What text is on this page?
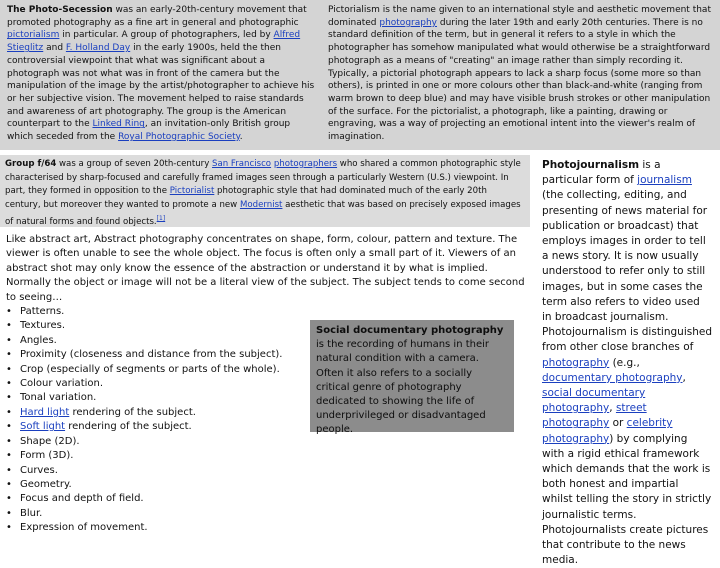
The Photo-Secession was an early-20th-century movement that promoted photography as a fine art in general and photographic pictorialism in particular. A group of photographers, led by Alfred Stieglitz and F. Holland Day in the early 1900s, held the then controversial viewpoint that what was significant about a photograph was not what was in front of the camera but the manipulation of the image by the artist/photographer to achieve his or her subjective vision. The movement helped to raise standards and awareness of art photography. The group is the American counterpart to the Linked Ring, an invitation-only British group which seceded from the Royal Photographic Society.
Pictorialism is the name given to an international style and aesthetic movement that dominated photography during the later 19th and early 20th centuries. There is no standard definition of the term, but in general it refers to a style in which the photographer has somehow manipulated what would otherwise be a straightforward photograph as a means of "creating" an image rather than simply recording it. Typically, a pictorial photograph appears to lack a sharp focus (some more so than others), is printed in one or more colours other than black-and-white (ranging from warm brown to deep blue) and may have visible brush strokes or other manipulation of the surface. For the pictorialist, a photograph, like a painting, drawing or engraving, was a way of projecting an emotional intent into the viewer's realm of imagination.
Group f/64 was a group of seven 20th-century San Francisco photographers who shared a common photographic style characterised by sharp-focused and carefully framed images seen through a particularly Western (U.S.) viewpoint. In part, they formed in opposition to the Pictorialist photographic style that had dominated much of the early 20th century, but moreover they wanted to promote a new Modernist aesthetic that was based on precisely exposed images of natural forms and found objects.[1]
Like abstract art, Abstract photography concentrates on shape, form, colour, pattern and texture. The viewer is often unable to see the whole object. The focus is often only a small part of it. Viewers of an abstract shot may only know the essence of the abstraction or understand it by what is implied. Normally the object or image will not be a literal view of the subject. The subject tends to come second to seeing…
• Patterns.
• Textures.
• Angles.
• Proximity (closeness and distance from the subject).
• Crop (especially of segments or parts of the whole).
• Colour variation.
• Tonal variation.
• Hard light rendering of the subject.
• Soft light rendering of the subject.
• Shape (2D).
• Form (3D).
• Curves.
• Geometry.
• Focus and depth of field.
• Blur.
• Expression of movement.
Social documentary photography is the recording of humans in their natural condition with a camera. Often it also refers to a socially critical genre of photography dedicated to showing the life of underprivileged or disadvantaged people.
Photojournalism is a particular form of journalism (the collecting, editing, and presenting of news material for publication or broadcast) that employs images in order to tell a news story. It is now usually understood to refer only to still images, but in some cases the term also refers to video used in broadcast journalism. Photojournalism is distinguished from other close branches of photography (e.g., documentary photography, social documentary photography, street photography or celebrity photography) by complying with a rigid ethical framework which demands that the work is both honest and impartial whilst telling the story in strictly journalistic terms. Photojournalists create pictures that contribute to the news media.
